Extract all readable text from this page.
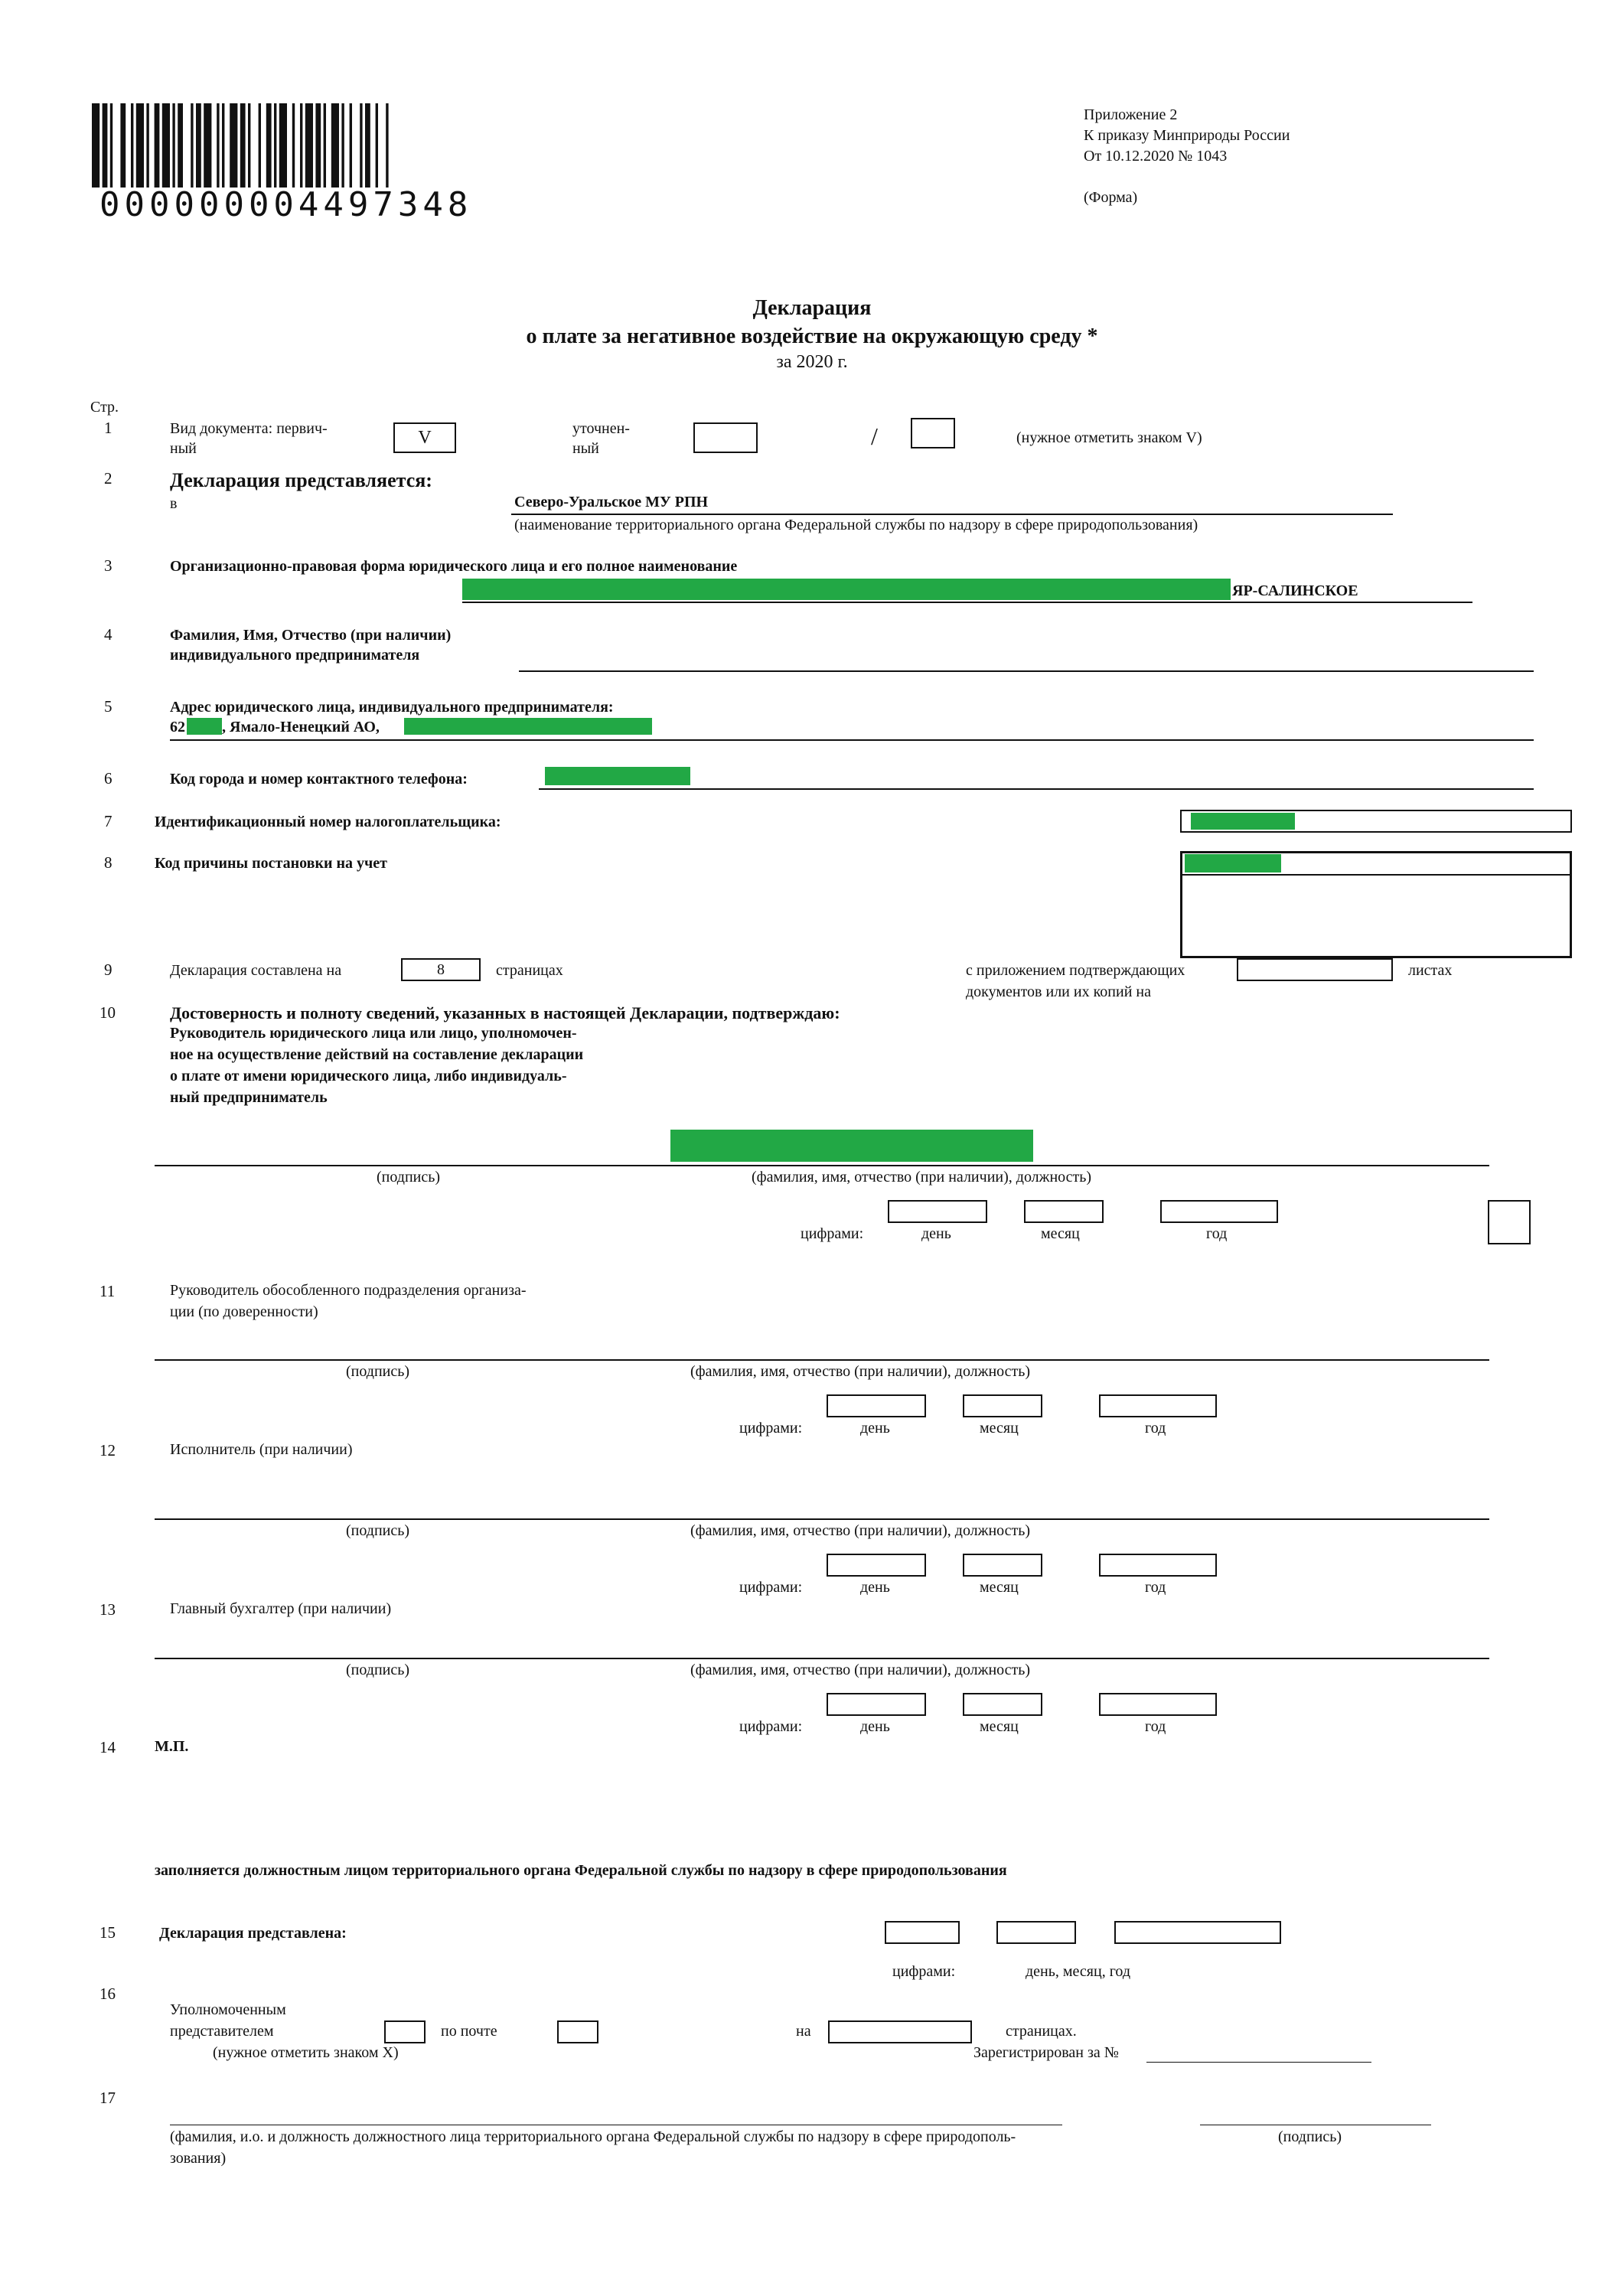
000000004497348
Приложение 2
К приказу Минприроды России
От 10.12.2020 № 1043
(Форма)
Декларация
о плате за негативное воздействие на окружающую среду *
за 2020 г.
Стр.
1	Вид документа: первич-
ный
V	уточнен-
ный	/	(нужное отметить знаком V)
2	Декларация представляется:
в	Северо-Уральское МУ РПН
(наименование территориального органа Федеральной службы по надзору в сфере природопользования)
3	Организационно-правовая форма юридического лица и его полное наименование
ЯР-САЛИНСКОЕ
4	Фамилия, Имя, Отчество (при наличии)
индивидуального предпринимателя
5	Адрес юридического лица, индивидуального предпринимателя:
62 , Ямало-Ненецкий АО,
6	Код города и номер контактного телефона:
7	Идентификационный номер налогоплательщика:
8	Код причины постановки на учет
9	Декларация составлена на	8	страницах	с приложением подтверждающих
документов или их копий на
листах
10	Достоверность и полноту сведений, указанных в настоящей Декларации, подтверждаю:
Руководитель юридического лица или лицо, уполномочен-
ное на осуществление действий на составление декларации
о плате от имени юридического лица, либо индивидуаль-
ный предприниматель
(подпись)	(фамилия, имя, отчество (при наличии), должность)
цифрами:	день	месяц	год
11	Руководитель обособленного подразделения организа-
ции (по доверенности)
(подпись)	(фамилия, имя, отчество (при наличии), должность)
цифрами:	день	месяц	год
12	Исполнитель (при наличии)
(подпись)	(фамилия, имя, отчество (при наличии), должность)
цифрами:	день	месяц	год
13	Главный бухгалтер (при наличии)
(подпись)	(фамилия, имя, отчество (при наличии), должность)
цифрами:	день	месяц	год
14	М.П.
заполняется должностным лицом территориального органа Федеральной службы по надзору в сфере природопользования
15	Декларация представлена:
цифрами:	день, месяц, год
16
Уполномоченным
представителем	по почте
(нужное отметить знаком X)
на	страницах.
Зарегистрирован за №
17
(фамилия, и.о. и должность должностного лица территориального органа Федеральной службы по надзору в сфере природополь-
зования)
(подпись)
